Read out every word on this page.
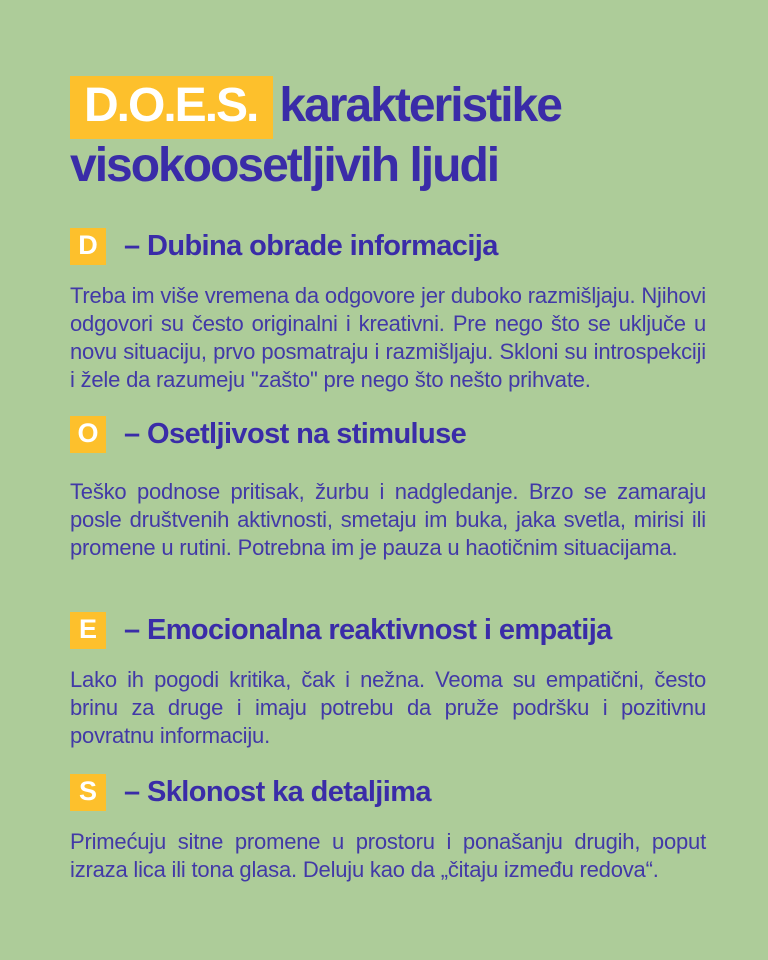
D.O.E.S. karakteristike
visokoosetljivih ljudi
D – Dubina obrade informacija

Treba im više vremena da odgovore jer duboko razmišljaju. Njihovi odgovori su često originalni i kreativni. Pre nego što se uključe u novu situaciju, prvo posmatraju i razmišljaju. Skloni su introspekciji i žele da razumeju "zašto" pre nego što nešto prihvate.

O – Osetljivost na stimuluse

Teško podnose pritisak, žurbu i nadgledanje. Brzo se zamaraju posle društvenih aktivnosti, smetaju im buka, jaka svetla, mirisi ili promene u rutini. Potrebna im je pauza u haotičnim situacijama.

E – Emocionalna reaktivnost i empatija

Lako ih pogodi kritika, čak i nežna. Veoma su empatični, često brinu za druge i imaju potrebu da pruže podršku i pozitivnu povratnu informaciju.

S – Sklonost ka detaljima

Primećuju sitne promene u prostoru i ponašanju drugih, poput izraza lica ili tona glasa. Deluju kao da „čitaju između redova“.
